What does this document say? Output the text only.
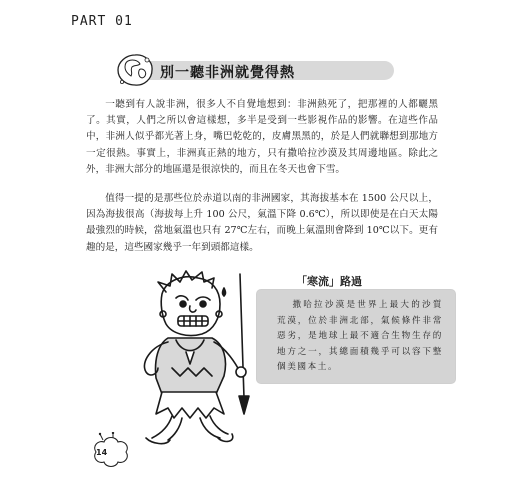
PART 01
別一聽非洲就覺得熱

一聽到有人說非洲，很多人不自覺地想到：非洲熱死了，把那裡的人都曬黑了。其實，人們之所以會這樣想，多半是受到一些影視作品的影響。在這些作品中，非洲人似乎都光著上身，嘴巴乾乾的，皮膚黑黑的，於是人們就聯想到那地方一定很熱。事實上，非洲真正熱的地方，只有撒哈拉沙漠及其周邊地區。除此之外，非洲大部分的地區還是很涼快的，而且在冬天也會下雪。

值得一提的是那些位於赤道以南的非洲國家，其海拔基本在 1500 公尺以上，因為海拔很高（海拔每上升 100 公尺，氣溫下降 0.6℃），所以即使是在白天太陽最強烈的時候，當地氣溫也只有 27℃左右，而晚上氣溫則會降到 10℃以下。更有趣的是，這些國家幾乎一年到頭都這樣。

「寒流」路過
撒哈拉沙漠是世界上最大的沙質荒漠，位於非洲北部，氣候條件非常惡劣，是地球上最不適合生物生存的地方之一，其總面積幾乎可以容下整個美國本土。
14
